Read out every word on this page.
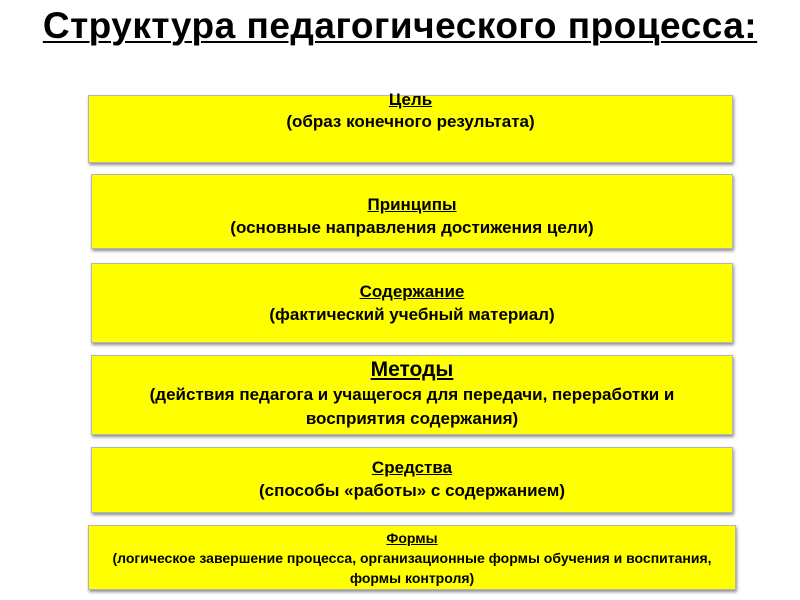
Структура педагогического процесса:
Цель
(образ конечного результата)
Принципы
(основные направления достижения цели)
Содержание
(фактический учебный материал)
Методы
(действия педагога и учащегося для передачи, переработки и восприятия содержания)
Средства
(способы «работы» с содержанием)
Формы
(логическое завершение процесса, организационные формы обучения и воспитания, формы контроля)
